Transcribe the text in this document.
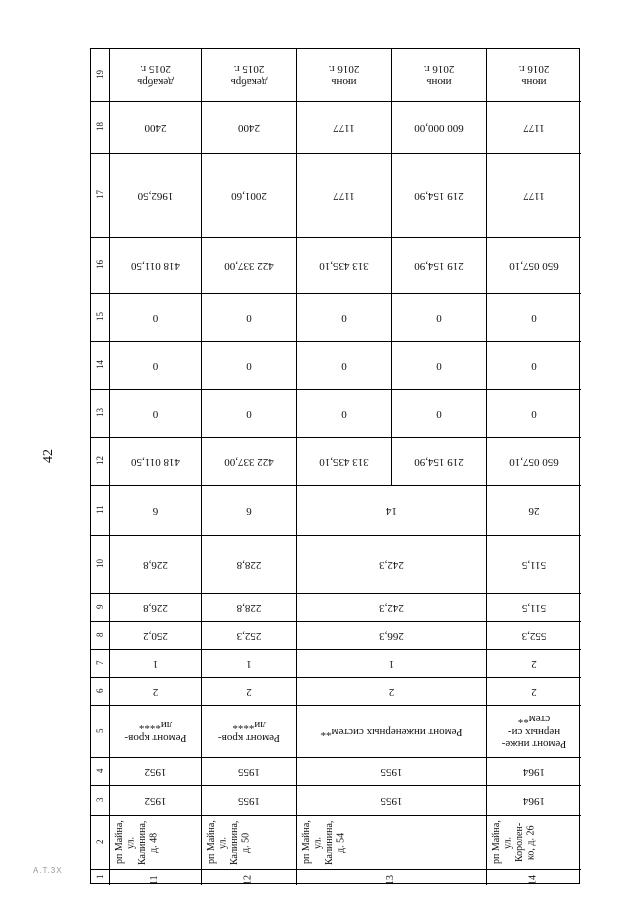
42
A.T.3X
19
18
17
16
15
14
13
12
11
10
9
8
7
6
5
4
3
2
1	11
рп Майна,
ул. Калинина,
д. 48
1952
1952
Ремонт кров-
ли****
2
1
250,2
226,8
226,8
6
418 011,50
0
0
0
418 011,50
1962,50
2400
декабрь
2015 г.
12
рп Майна,
ул. Калинина,
д. 50
1955
1955
Ремонт кров-
ли****
2
1
252,3
228,8
228,8
6
422 337,00
0
0
0
422 337,00
2001,60
2400
декабрь
2015 г.
13
рп Майна,
ул. Калинина,
д. 54
1955
1955
Ремонт инженерных систем**
2
1
266,3
242,3
242,3
14
313 435,10
0
0
0
313 435,10
1177
1177
июнь
2016 г.
219 154,90
0
0
0
219 154,90
219 154,90
600 000,00
июнь
2016 г.
14
рп Майна,
ул. Королен-
ко, д. 26
1964
1964
Ремонт инже-
нерных си-
стем**
2
2
552,3
511,5
511,5
26
650 057,10
0
0
0
650 057,10
1177
1177
июнь
2016 г.
